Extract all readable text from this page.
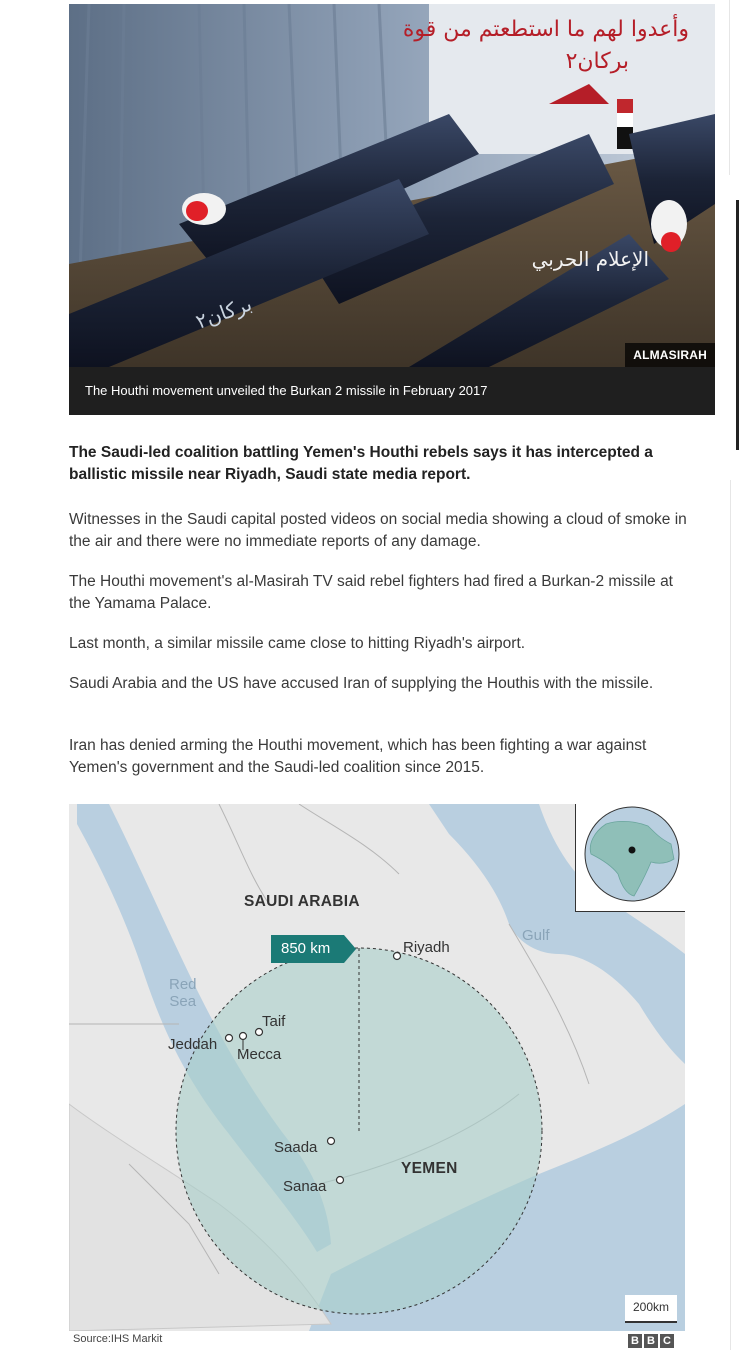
وأعدوا لهم ما استطعتم من قوة
بركان٢
الإعلام الحربي
بركان٢
ALMASIRAH
The Houthi movement unveiled the Burkan 2 missile in February 2017

The Saudi-led coalition battling Yemen's Houthi rebels says it has intercepted a ballistic missile near Riyadh, Saudi state media report.

Witnesses in the Saudi capital posted videos on social media showing a cloud of smoke in the air and there were no immediate reports of any damage.

The Houthi movement's al-Masirah TV said rebel fighters had fired a Burkan-2 missile at the Yamama Palace.

Last month, a similar missile came close to hitting Riyadh's airport.

Saudi Arabia and the US have accused Iran of supplying the Houthis with the missile.

Iran has denied arming the Houthi movement, which has been fighting a war against Yemen's government and the Saudi-led coalition since 2015.

SAUDI ARABIA
YEMEN
Red
Sea
Gulf
Riyadh
Taif
Jeddah
Mecca
Saada
Sanaa
850 km
200km
Source:IHS Markit	B B C
